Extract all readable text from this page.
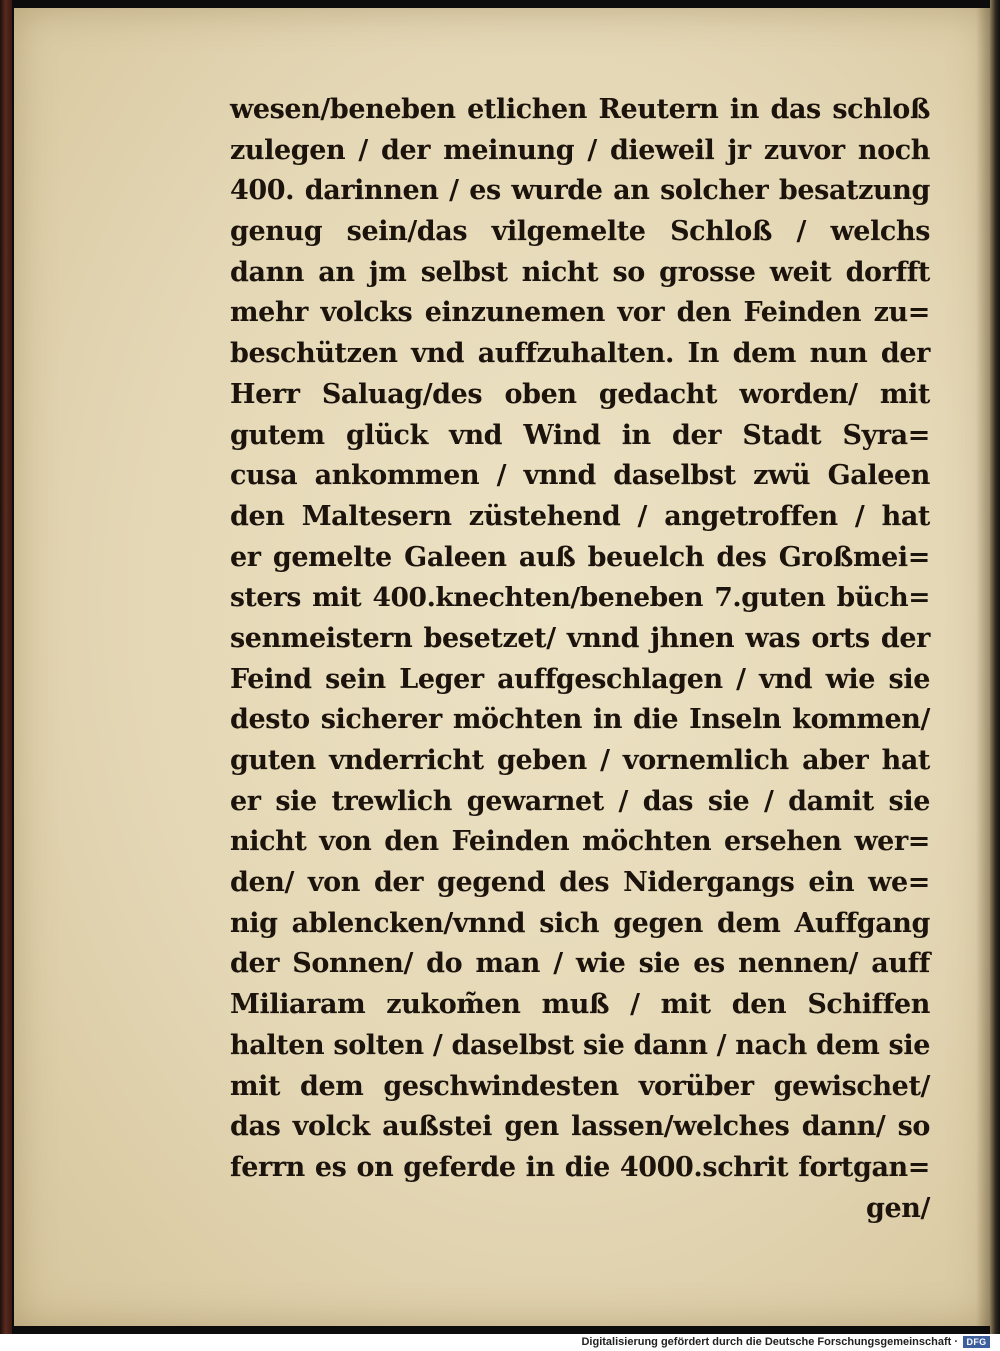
wesen/beneben etlichen Reutern in das schloß
zulegen / der meinung / dieweil jr zuvor noch
400. darinnen / es wurde an solcher besatzung
genug sein/das vilgemelte Schloß / welchs
dann an jm selbst nicht so grosse weit dorfft
mehr volcks einzunemen vor den Feinden zu=
beschützen vnd auffzuhalten. In dem nun der
Herr Saluag/des oben gedacht worden/ mit
gutem glück vnd Wind in der Stadt Syra=
cusa ankommen / vnnd daselbst zwü Galeen
den Maltesern züstehend / angetroffen / hat
er gemelte Galeen auß beuelch des Großmei=
sters mit 400.knechten/beneben 7.guten büch=
senmeistern besetzet/ vnnd jhnen was orts der
Feind sein Leger auffgeschlagen / vnd wie sie
desto sicherer möchten in die Inseln kommen/
guten vnderricht geben / vornemlich aber hat
er sie trewlich gewarnet / das sie / damit sie
nicht von den Feinden möchten ersehen wer=
den/ von der gegend des Nidergangs ein we=
nig ablencken/vnnd sich gegen dem Auffgang
der Sonnen/ do man / wie sie es nennen/ auff
Miliaram zukom̃en muß / mit den Schiffen
halten solten / daselbst sie dann / nach dem sie
mit dem geschwindesten vorüber gewischet/
das volck außstei gen lassen/welches dann/ so
ferrn es on geferde in die 4000.schrit fortgan=
gen/
Digitalisierung gefördert durch die Deutsche Forschungsgemeinschaft · DFG
